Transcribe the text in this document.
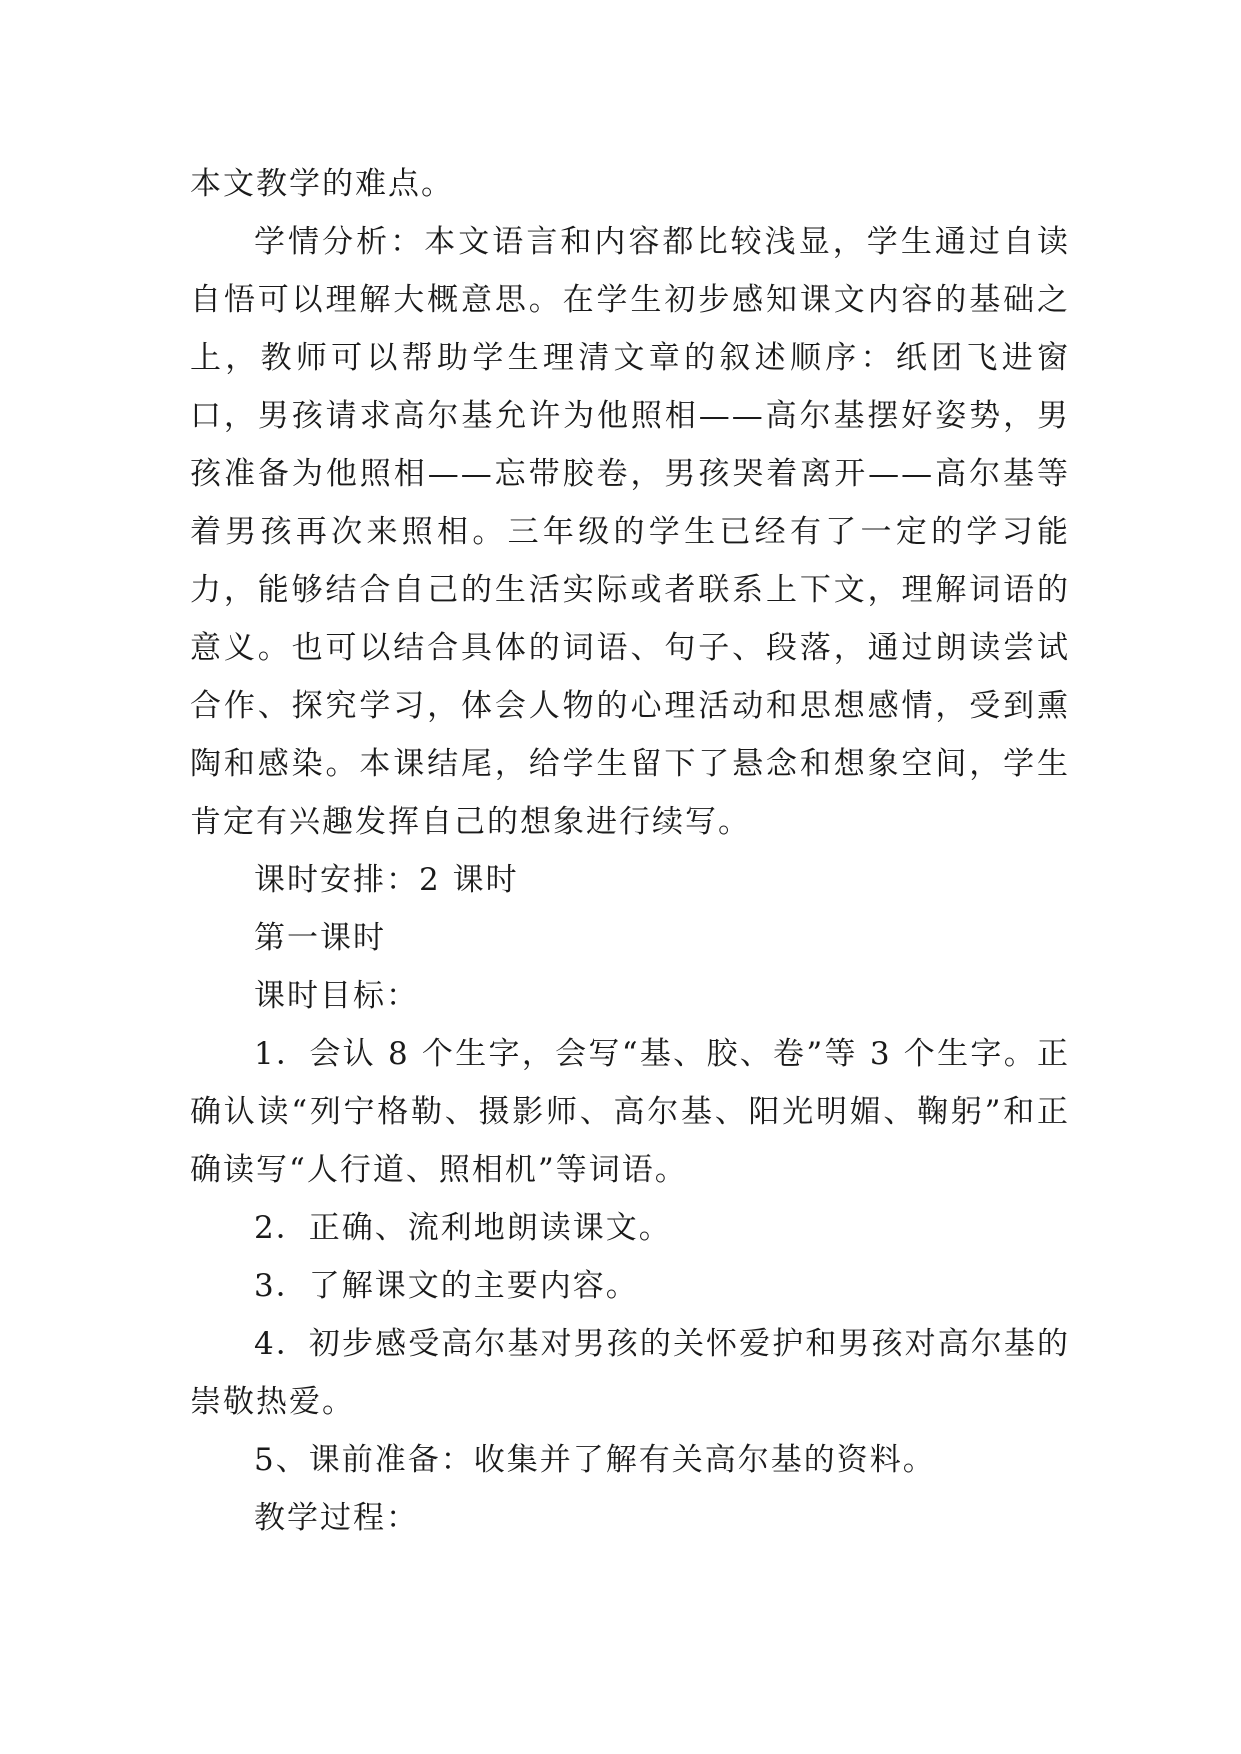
本文教学的难点。

学情分析：本文语言和内容都比较浅显，学生通过自读自悟可以理解大概意思。在学生初步感知课文内容的基础之上，教师可以帮助学生理清文章的叙述顺序：纸团飞进窗口，男孩请求高尔基允许为他照相——高尔基摆好姿势，男孩准备为他照相——忘带胶卷，男孩哭着离开——高尔基等着男孩再次来照相。三年级的学生已经有了一定的学习能力，能够结合自己的生活实际或者联系上下文，理解词语的意义。也可以结合具体的词语、句子、段落，通过朗读尝试合作、探究学习，体会人物的心理活动和思想感情，受到熏陶和感染。本课结尾，给学生留下了悬念和想象空间，学生肯定有兴趣发挥自己的想象进行续写。

课时安排：2 课时

第一课时

课时目标：

1．会认 8 个生字，会写“基、胶、卷”等 3 个生字。正确认读“列宁格勒、摄影师、高尔基、阳光明媚、鞠躬”和正确读写“人行道、照相机”等词语。

2．正确、流利地朗读课文。

3．了解课文的主要内容。

4．初步感受高尔基对男孩的关怀爱护和男孩对高尔基的崇敬热爱。

5、课前准备：收集并了解有关高尔基的资料。

教学过程：
